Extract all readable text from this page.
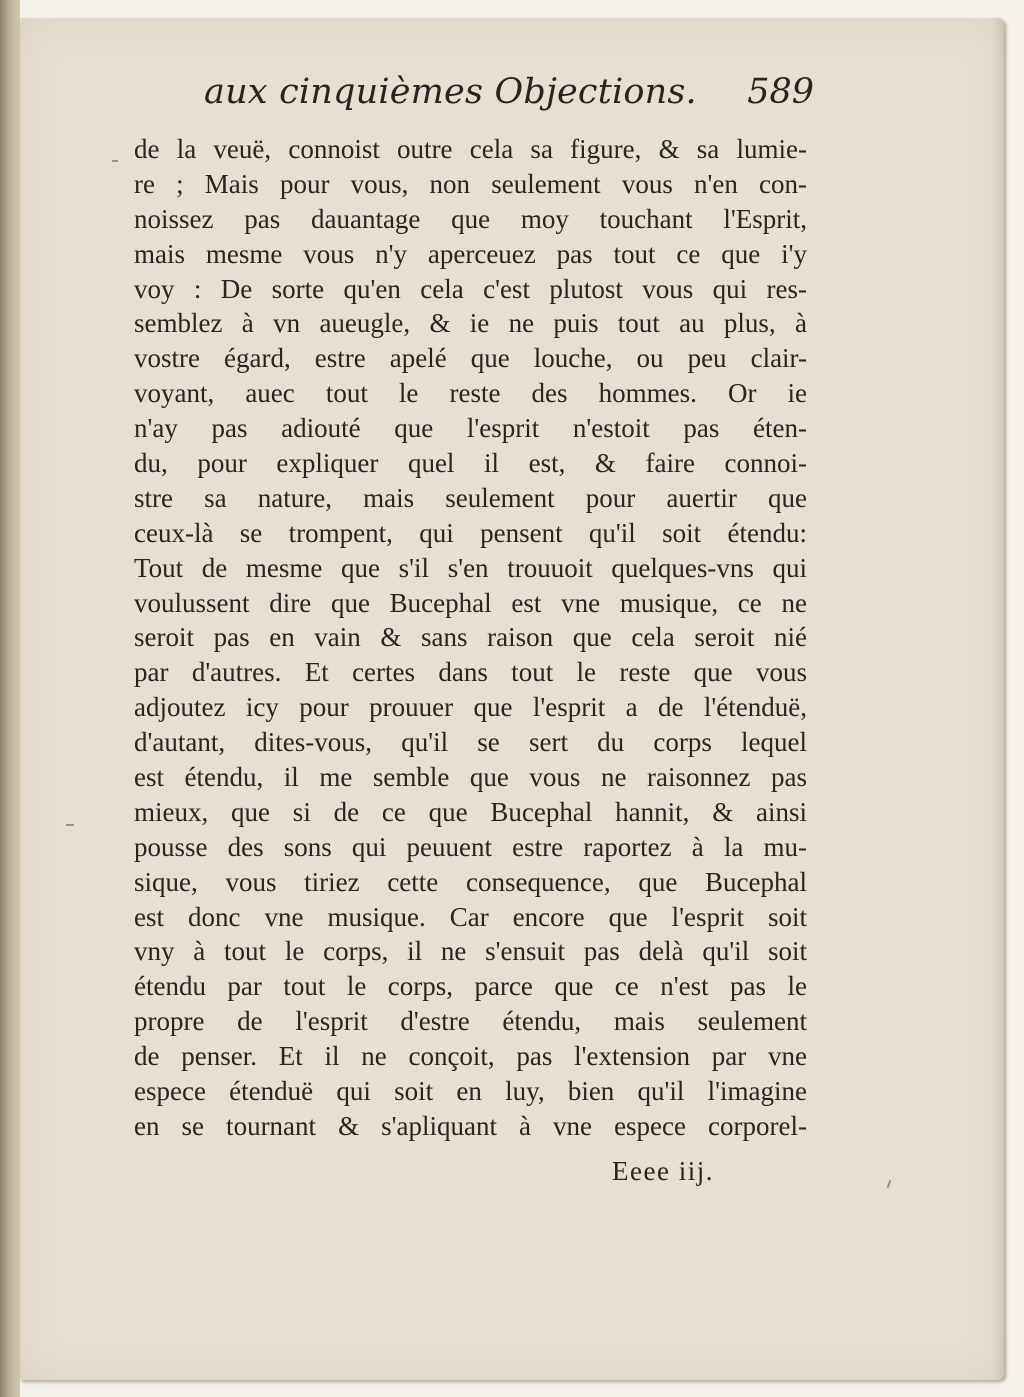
aux cinquièmes Objections. 589
de la veuë, connoist outre cela sa figure, & sa lumie-
re ; Mais pour vous, non seulement vous n'en con-
noissez pas dauantage que moy touchant l'Esprit,
mais mesme vous n'y aperceuez pas tout ce que i'y
voy : De sorte qu'en cela c'est plutost vous qui res-
semblez à vn aueugle, & ie ne puis tout au plus, à
vostre égard, estre apelé que louche, ou peu clair-
voyant, auec tout le reste des hommes. Or ie
n'ay pas adiouté que l'esprit n'estoit pas éten-
du, pour expliquer quel il est, & faire connoi-
stre sa nature, mais seulement pour auertir que
ceux-là se trompent, qui pensent qu'il soit étendu:
Tout de mesme que s'il s'en trouuoit quelques-vns qui
voulussent dire que Bucephal est vne musique, ce ne
seroit pas en vain & sans raison que cela seroit nié
par d'autres. Et certes dans tout le reste que vous
adjoutez icy pour prouuer que l'esprit a de l'étenduë,
d'autant, dites-vous, qu'il se sert du corps lequel
est étendu, il me semble que vous ne raisonnez pas
mieux, que si de ce que Bucephal hannit, & ainsi
pousse des sons qui peuuent estre raportez à la mu-
sique, vous tiriez cette consequence, que Bucephal
est donc vne musique. Car encore que l'esprit soit
vny à tout le corps, il ne s'ensuit pas delà qu'il soit
étendu par tout le corps, parce que ce n'est pas le
propre de l'esprit d'estre étendu, mais seulement
de penser. Et il ne conçoit, pas l'extension par vne
espece étenduë qui soit en luy, bien qu'il l'imagine
en se tournant & s'apliquant à vne espece corporel-
Eeee iij.
